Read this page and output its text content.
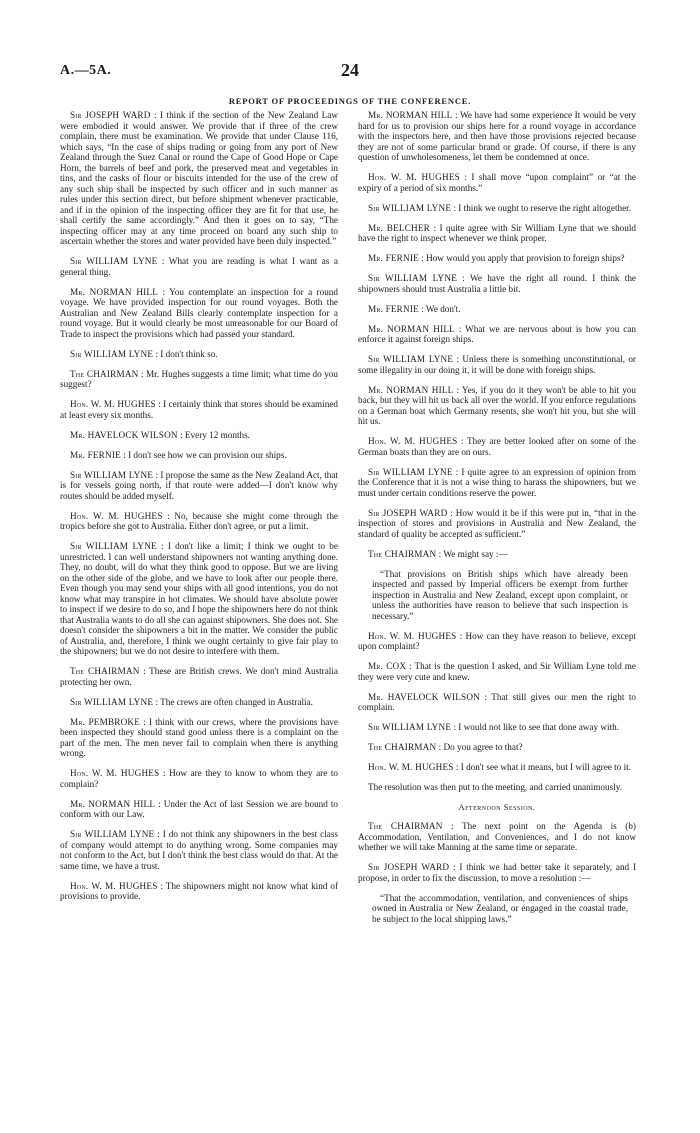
A.—5A.	24
REPORT OF PROCEEDINGS OF THE CONFERENCE.

Sir JOSEPH WARD : I think if the section of the New Zealand Law were embodied it would answer. We provide that if three of the crew complain, there must be examination. We provide that under Clause 116, which says, “In the case of ships trading or going from any port of New Zealand through the Suez Canal or round the Cape of Good Hope or Cape Horn, the barrels of beef and pork, the preserved meat and vegetables in tins, and the casks of flour or biscuits intended for the use of the crew of any such ship shall be inspected by such officer and in such manner as rules under this section direct, but before shipment whenever practicable, and if in the opinion of the inspecting officer they are fit for that use, he shall certify the same accordingly.” And then it goes on to say, “The inspecting officer may at any time proceed on board any such ship to ascertain whether the stores and water provided have been duly inspected.”

Sir WILLIAM LYNE : What you are reading is what I want as a general thing.

Mr. NORMAN HILL : You contemplate an inspection for a round voyage. We have provided inspection for our round voyages. Both the Australian and New Zealand Bills clearly contemplate inspection for a round voyage. But it would clearly be most unreasonable for our Board of Trade to inspect the provisions which had passed your standard.

Sir WILLIAM LYNE : I don't think so.

The CHAIRMAN : Mr. Hughes suggests a time limit; what time do you suggest?

Hon. W. M. HUGHES : I certainly think that stores should be examined at least every six months.

Mr. HAVELOCK WILSON : Every 12 months.

Mr. FERNIE : I don't see how we can provision our ships.

Sir WILLIAM LYNE : I propose the same as the New Zealand Act, that is for vessels going north, if that route were added—I don't know why routes should be added myself.

Hon. W. M. HUGHES : No, because she might come through the tropics before she got to Australia. Either don't agree, or put a limit.

Sir WILLIAM LYNE : I don't like a limit; I think we ought to be unrestricted. I can well understand shipowners not wanting anything done. They, no doubt, will do what they think good to oppose. But we are living on the other side of the globe, and we have to look after our people there. Even though you may send your ships with all good intentions, you do not know what may transpire in hot climates. We should have absolute power to inspect if we desire to do so, and I hope the shipowners here do not think that Australia wants to do all she can against shipowners. She does not. She doesn't consider the shipowners a bit in the matter. We consider the public of Australia, and, therefore, I think we ought certainly to give fair play to the shipowners; but we do not desire to interfere with them.

The CHAIRMAN : These are British crews. We don't mind Australia protecting her own.

Sir WILLIAM LYNE : The crews are often changed in Australia.

Mr. PEMBROKE : I think with our crews, where the provisions have been inspected they should stand good unless there is a complaint on the part of the men. The men never fail to complain when there is anything wrong.

Hon. W. M. HUGHES : How are they to know to whom they are to complain?

Mr. NORMAN HILL : Under the Act of last Session we are bound to conform with our Law.

Sir WILLIAM LYNE : I do not think any shipowners in the best class of company would attempt to do anything wrong. Some companies may not conform to the Act, but I don't think the best class would do that. At the same time, we have a trust.

Hon. W. M. HUGHES : The shipowners might not know what kind of provisions to provide.

Mr. NORMAN HILL : We have had some experience It would be very hard for us to provision our ships here for a round voyage in accordance with the inspectors here, and then have those provisions rejected because they are not of some particular brand or grade. Of course, if there is any question of unwholesomeness, let them be condemned at once.

Hon. W. M. HUGHES : I shall move “upon complaint” or “at the expiry of a period of six months.”

Sir WILLIAM LYNE : I think we ought to reserve the right altogether.

Mr. BELCHER : I quite agree with Sir William Lyne that we should have the right to inspect whenever we think proper.

Mr. FERNIE : How would you apply that provision to foreign ships?

Sir WILLIAM LYNE : We have the right all round. I think the shipowners should trust Australia a little bit.

Mr. FERNIE : We don't.

Mr. NORMAN HILL : What we are nervous about is how you can enforce it against foreign ships.

Sir WILLIAM LYNE : Unless there is something unconstitutional, or some illegality in our doing it, it will be done with foreign ships.

Mr. NORMAN HILL : Yes, if you do it they won't be able to hit you back, but they will hit us back all over the world. If you enforce regulations on a German boat which Germany resents, she won't hit you, but she will hit us.

Hon. W. M. HUGHES : They are better looked after on some of the German boats than they are on ours.

Sir WILLIAM LYNE : I quite agree to an expression of opinion from the Conference that it is not a wise thing to harass the shipowners, but we must under certain conditions reserve the power.

Sir JOSEPH WARD : How would it be if this were put in, “that in the inspection of stores and provisions in Australia and New Zealand, the standard of quality be accepted as sufficient.”

The CHAIRMAN : We might say :—

“That provisions on British ships which have already been inspected and passed by Imperial officers be exempt from further inspection in Australia and New Zealand, except upon complaint, or unless the authorities have reason to believe that such inspection is necessary.”

Hon. W. M. HUGHES : How can they have reason to believe, except upon complaint?

Mr. COX : That is the question I asked, and Sir William Lyne told me they were very cute and knew.

Mr. HAVELOCK WILSON : That still gives our men the right to complain.

Sir WILLIAM LYNE : I would not like to see that done away with.

The CHAIRMAN : Do you agree to that?

Hon. W. M. HUGHES : I don't see what it means, but I will agree to it.

The resolution was then put to the meeting, and carried unanimously.

Afternoon Session.

The CHAIRMAN : The next point on the Agenda is (b) Accommodation, Ventilation, and Conveniences, and I do not know whether we will take Manning at the same time or separate.

Sir JOSEPH WARD : I think we had better take it separately, and I propose, in order to fix the discussion, to move a resolution :—

“That the accommodation, ventilation, and conveniences of ships owned in Australia or New Zealand, or engaged in the coastal trade, be subject to the local shipping laws.”
